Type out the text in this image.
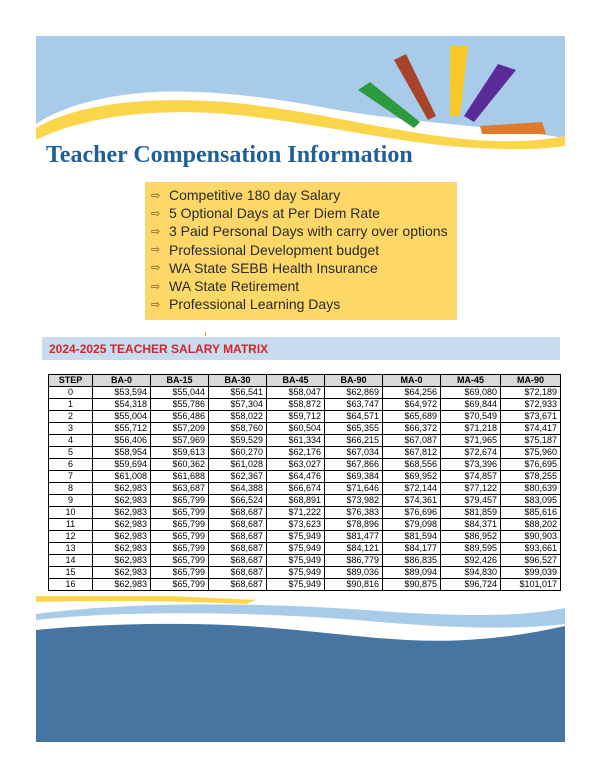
Teacher Compensation Information
⇨ Competitive 180 day Salary
⇨ 5 Optional Days at Per Diem Rate
⇨ 3 Paid Personal Days with carry over options
⇨ Professional Development budget
⇨ WA State SEBB Health Insurance
⇨ WA State Retirement
⇨ Professional Learning Days
2024-2025 TEACHER SALARY MATRIX
STEP	BA-0	BA-15	BA-30	BA-45	BA-90	MA-0	MA-45	MA-90
0	$53,594	$55,044	$56,541	$58,047	$62,869	$64,256	$69,080	$72,189
1	$54,318	$55,786	$57,304	$58,872	$63,747	$64,972	$69,844	$72,933
2	$55,004	$56,486	$58,022	$59,712	$64,571	$65,689	$70,549	$73,671
3	$55,712	$57,209	$58,760	$60,504	$65,355	$66,372	$71,218	$74,417
4	$56,406	$57,969	$59,529	$61,334	$66,215	$67,087	$71,965	$75,187
5	$58,954	$59,613	$60,270	$62,176	$67,034	$67,812	$72,674	$75,960
6	$59,694	$60,362	$61,028	$63,027	$67,866	$68,556	$73,396	$76,695
7	$61,008	$61,688	$62,367	$64,476	$69,384	$69,952	$74,857	$78,255
8	$62,983	$63,687	$64,388	$66,674	$71,646	$72,144	$77,122	$80,639
9	$62,983	$65,799	$66,524	$68,891	$73,982	$74,361	$79,457	$83,095
10	$62,983	$65,799	$68,687	$71,222	$76,383	$76,696	$81,859	$85,616
11	$62,983	$65,799	$68,687	$73,623	$78,896	$79,098	$84,371	$88,202
12	$62,983	$65,799	$68,687	$75,949	$81,477	$81,594	$86,952	$90,903
13	$62,983	$65,799	$68,687	$75,949	$84,121	$84,177	$89,595	$93,661
14	$62,983	$65,799	$68,687	$75,949	$86,779	$86,835	$92,426	$96,527
15	$62,983	$65,799	$68,687	$75,949	$89,036	$89,094	$94,830	$99,039
16	$62,983	$65,799	$68,687	$75,949	$90,816	$90,875	$96,724	$101,017
